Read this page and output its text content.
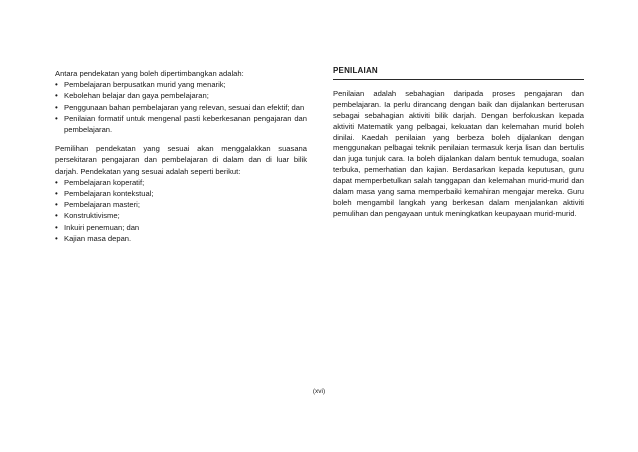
Antara pendekatan yang boleh dipertimbangkan adalah:

• Pembelajaran berpusatkan murid yang menarik;
• Kebolehan belajar dan gaya pembelajaran;
• Penggunaan bahan pembelajaran yang relevan, sesuai dan efektif; dan
• Penilaian formatif untuk mengenal pasti keberkesanan pengajaran dan pembelajaran.

Pemilihan pendekatan yang sesuai akan menggalakkan suasana persekitaran pengajaran dan pembelajaran di dalam dan di luar bilik darjah. Pendekatan yang sesuai adalah seperti berikut:

• Pembelajaran koperatif;
• Pembelajaran kontekstual;
• Pembelajaran masteri;
• Konstruktivisme;
• Inkuiri penemuan; dan
• Kajian masa depan.
PENILAIAN

Penilaian adalah sebahagian daripada proses pengajaran dan pembelajaran. Ia perlu dirancang dengan baik dan dijalankan berterusan sebagai sebahagian aktiviti bilik darjah. Dengan berfokuskan kepada aktiviti Matematik yang pelbagai, kekuatan dan kelemahan murid boleh dinilai. Kaedah penilaian yang berbeza boleh dijalankan dengan menggunakan pelbagai teknik penilaian termasuk kerja lisan dan bertulis dan juga tunjuk cara. Ia boleh dijalankan dalam bentuk temuduga, soalan terbuka, pemerhatian dan kajian. Berdasarkan kepada keputusan, guru dapat memperbetulkan salah tanggapan dan kelemahan murid-murid dan dalam masa yang sama memperbaiki kemahiran mengajar mereka. Guru boleh mengambil langkah yang berkesan dalam menjalankan aktiviti pemulihan dan pengayaan untuk meningkatkan keupayaan murid-murid.

(xvi)
